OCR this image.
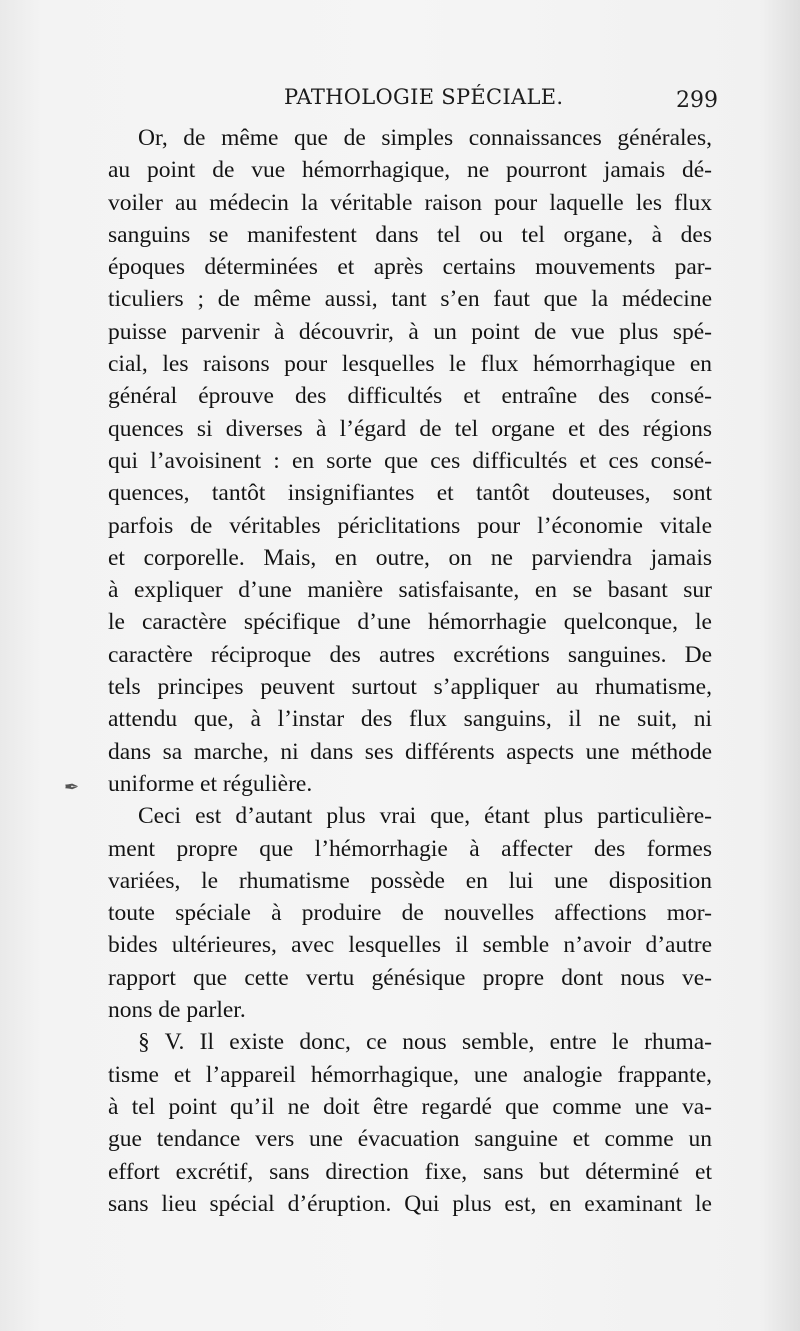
PATHOLOGIE SPÉCIALE.	299
✒
Or, de même que de simples connaissances générales,
au point de vue hémorrhagique, ne pourront jamais dé-
voiler au médecin la véritable raison pour laquelle les flux
sanguins se manifestent dans tel ou tel organe, à des
époques déterminées et après certains mouvements par-
ticuliers ; de même aussi, tant s’en faut que la médecine
puisse parvenir à découvrir, à un point de vue plus spé-
cial, les raisons pour lesquelles le flux hémorrhagique en
général éprouve des difficultés et entraîne des consé-
quences si diverses à l’égard de tel organe et des régions
qui l’avoisinent : en sorte que ces difficultés et ces consé-
quences, tantôt insignifiantes et tantôt douteuses, sont
parfois de véritables périclitations pour l’économie vitale
et corporelle. Mais, en outre, on ne parviendra jamais
à expliquer d’une manière satisfaisante, en se basant sur
le caractère spécifique d’une hémorrhagie quelconque, le
caractère réciproque des autres excrétions sanguines. De
tels principes peuvent surtout s’appliquer au rhumatisme,
attendu que, à l’instar des flux sanguins, il ne suit, ni
dans sa marche, ni dans ses différents aspects une méthode
uniforme et régulière.
Ceci est d’autant plus vrai que, étant plus particulière-
ment propre que l’hémorrhagie à affecter des formes
variées, le rhumatisme possède en lui une disposition
toute spéciale à produire de nouvelles affections mor-
bides ultérieures, avec lesquelles il semble n’avoir d’autre
rapport que cette vertu génésique propre dont nous ve-
nons de parler.
§ V. Il existe donc, ce nous semble, entre le rhuma-
tisme et l’appareil hémorrhagique, une analogie frappante,
à tel point qu’il ne doit être regardé que comme une va-
gue tendance vers une évacuation sanguine et comme un
effort excrétif, sans direction fixe, sans but déterminé et
sans lieu spécial d’éruption. Qui plus est, en examinant le
